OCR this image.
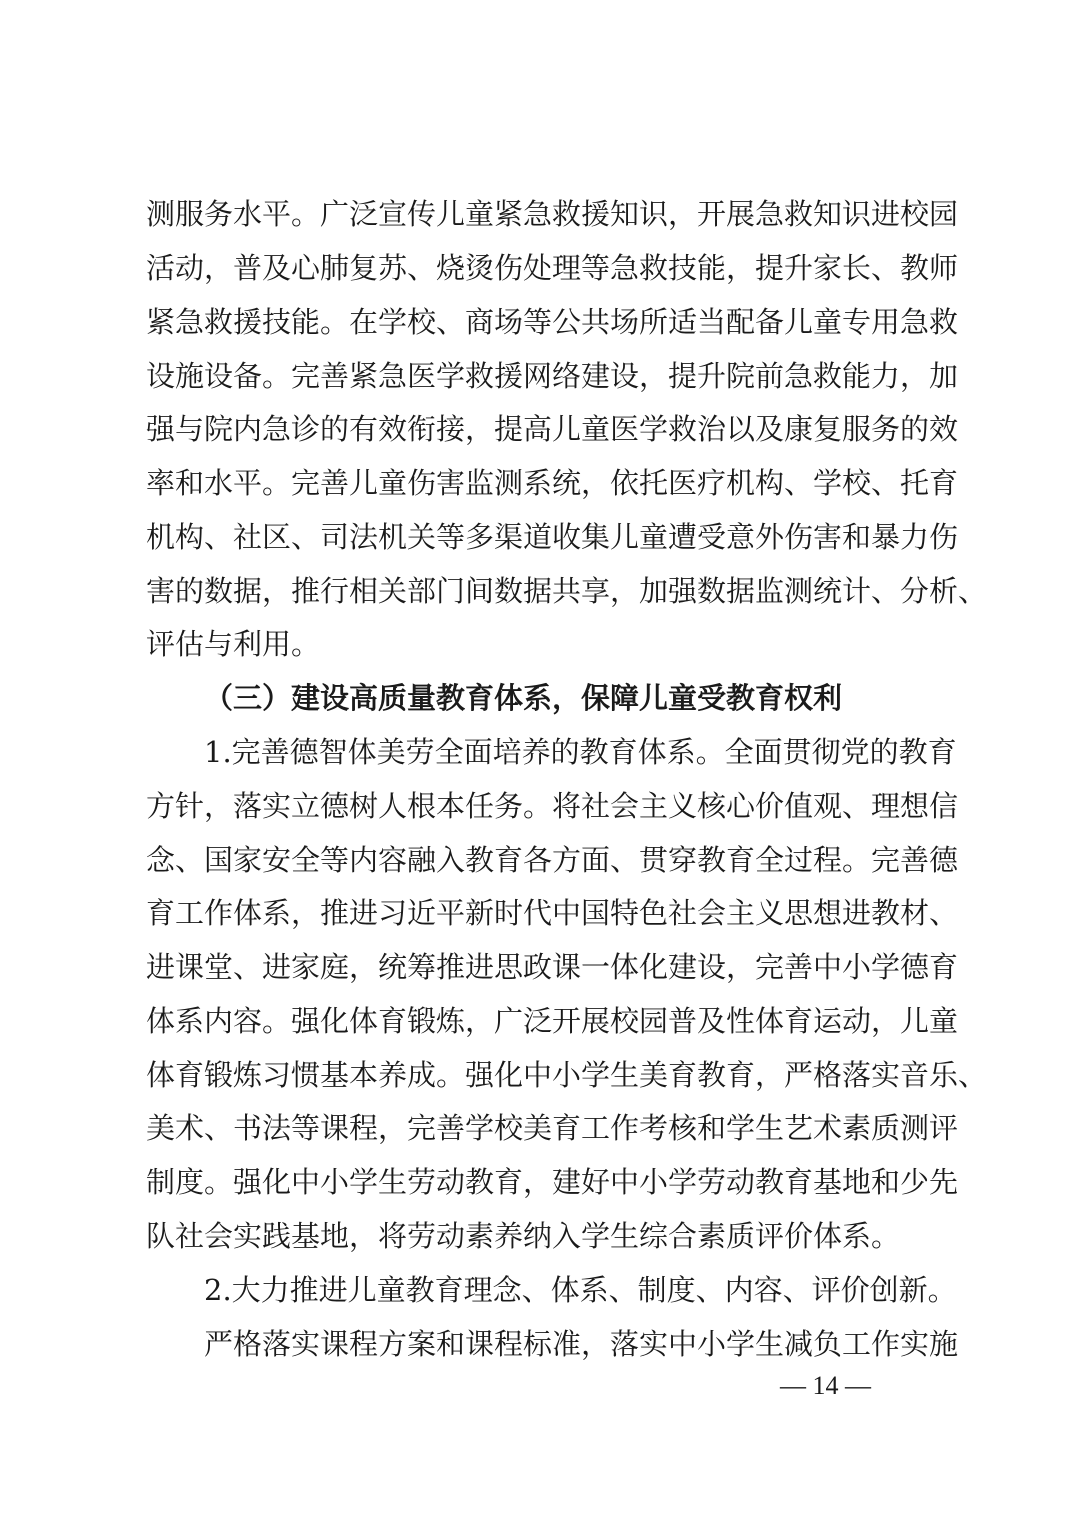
测服务水平。广泛宣传儿童紧急救援知识，开展急救知识进校园
活动，普及心肺复苏、烧烫伤处理等急救技能，提升家长、教师
紧急救援技能。在学校、商场等公共场所适当配备儿童专用急救
设施设备。完善紧急医学救援网络建设，提升院前急救能力，加
强与院内急诊的有效衔接，提高儿童医学救治以及康复服务的效
率和水平。完善儿童伤害监测系统，依托医疗机构、学校、托育
机构、社区、司法机关等多渠道收集儿童遭受意外伤害和暴力伤
害的数据，推行相关部门间数据共享，加强数据监测统计、分析、
评估与利用。
（三）建设高质量教育体系，保障儿童受教育权利
1.完善德智体美劳全面培养的教育体系。全面贯彻党的教育
方针，落实立德树人根本任务。将社会主义核心价值观、理想信
念、国家安全等内容融入教育各方面、贯穿教育全过程。完善德
育工作体系，推进习近平新时代中国特色社会主义思想进教材、
进课堂、进家庭，统筹推进思政课一体化建设，完善中小学德育
体系内容。强化体育锻炼，广泛开展校园普及性体育运动，儿童
体育锻炼习惯基本养成。强化中小学生美育教育，严格落实音乐、
美术、书法等课程，完善学校美育工作考核和学生艺术素质测评
制度。强化中小学生劳动教育，建好中小学劳动教育基地和少先
队社会实践基地，将劳动素养纳入学生综合素质评价体系。
2.大力推进儿童教育理念、体系、制度、内容、评价创新。
严格落实课程方案和课程标准，落实中小学生减负工作实施
— 14 —
